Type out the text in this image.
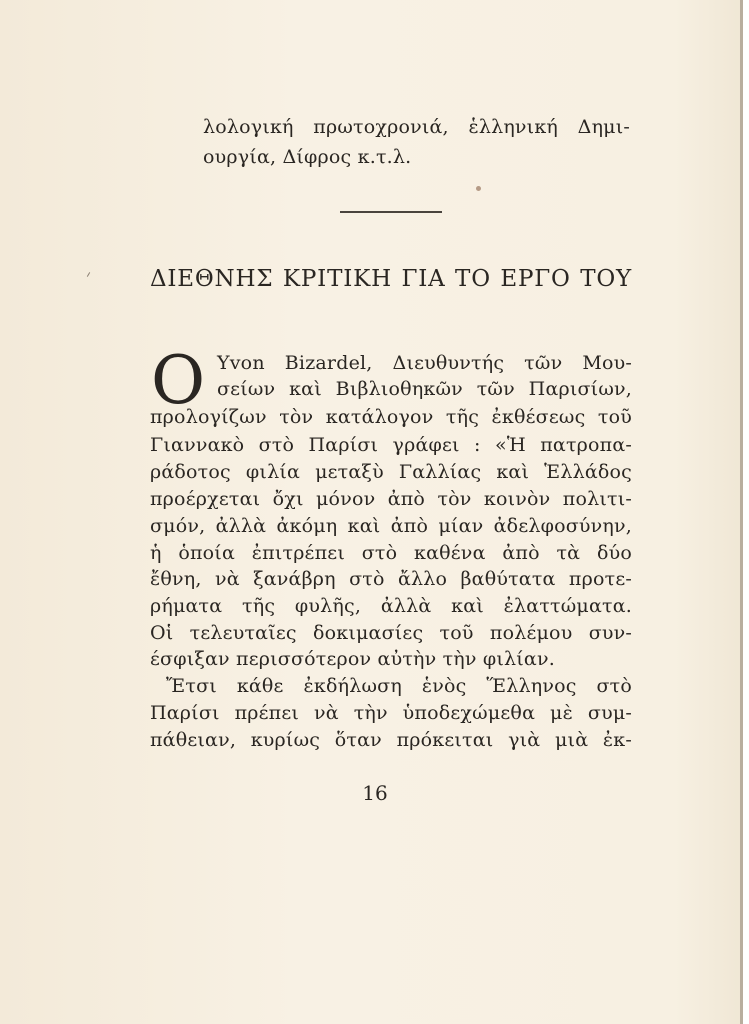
λολογική πρωτοχρονιά, ἑλληνική Δημι-
ουργία, Δίφρος κ.τ.λ.
ΔΙΕΘΝΗΣ ΚΡΙΤΙΚΗ ΓΙΑ ΤΟ ΕΡΓΟ ΤΟΥ
Ο Yvon Bizardel, Διευθυντής τῶν Μου-
σείων καὶ Βιβλιοθηκῶν τῶν Παρισίων,
προλογίζων τὸν κατάλογον τῆς ἐκθέσεως τοῦ
Γιαννακὸ στὸ Παρίσι γράφει : «Ἡ πατροπα-
ράδοτος φιλία μεταξὺ Γαλλίας καὶ Ἑλλάδος
προέρχεται ὄχι μόνον ἀπὸ τὸν κοινὸν πολιτι-
σμόν, ἀλλὰ ἀκόμη καὶ ἀπὸ μίαν ἀδελφοσύνην,
ἡ ὁποία ἐπιτρέπει στὸ καθένα ἀπὸ τὰ δύο
ἔθνη, νὰ ξανάβρη στὸ ἄλλο βαθύτατα προτε-
ρήματα τῆς φυλῆς, ἀλλὰ καὶ ἐλαττώματα.
Οἱ τελευταῖες δοκιμασίες τοῦ πολέμου συν-
έσφιξαν περισσότερον αὐτὴν τὴν φιλίαν.
Ἔτσι κάθε ἐκδήλωση ἑνὸς Ἕλληνος στὸ
Παρίσι πρέπει νὰ τὴν ὑποδεχώμεθα μὲ συμ-
πάθειαν, κυρίως ὅταν πρόκειται γιὰ μιὰ ἐκ-
16
